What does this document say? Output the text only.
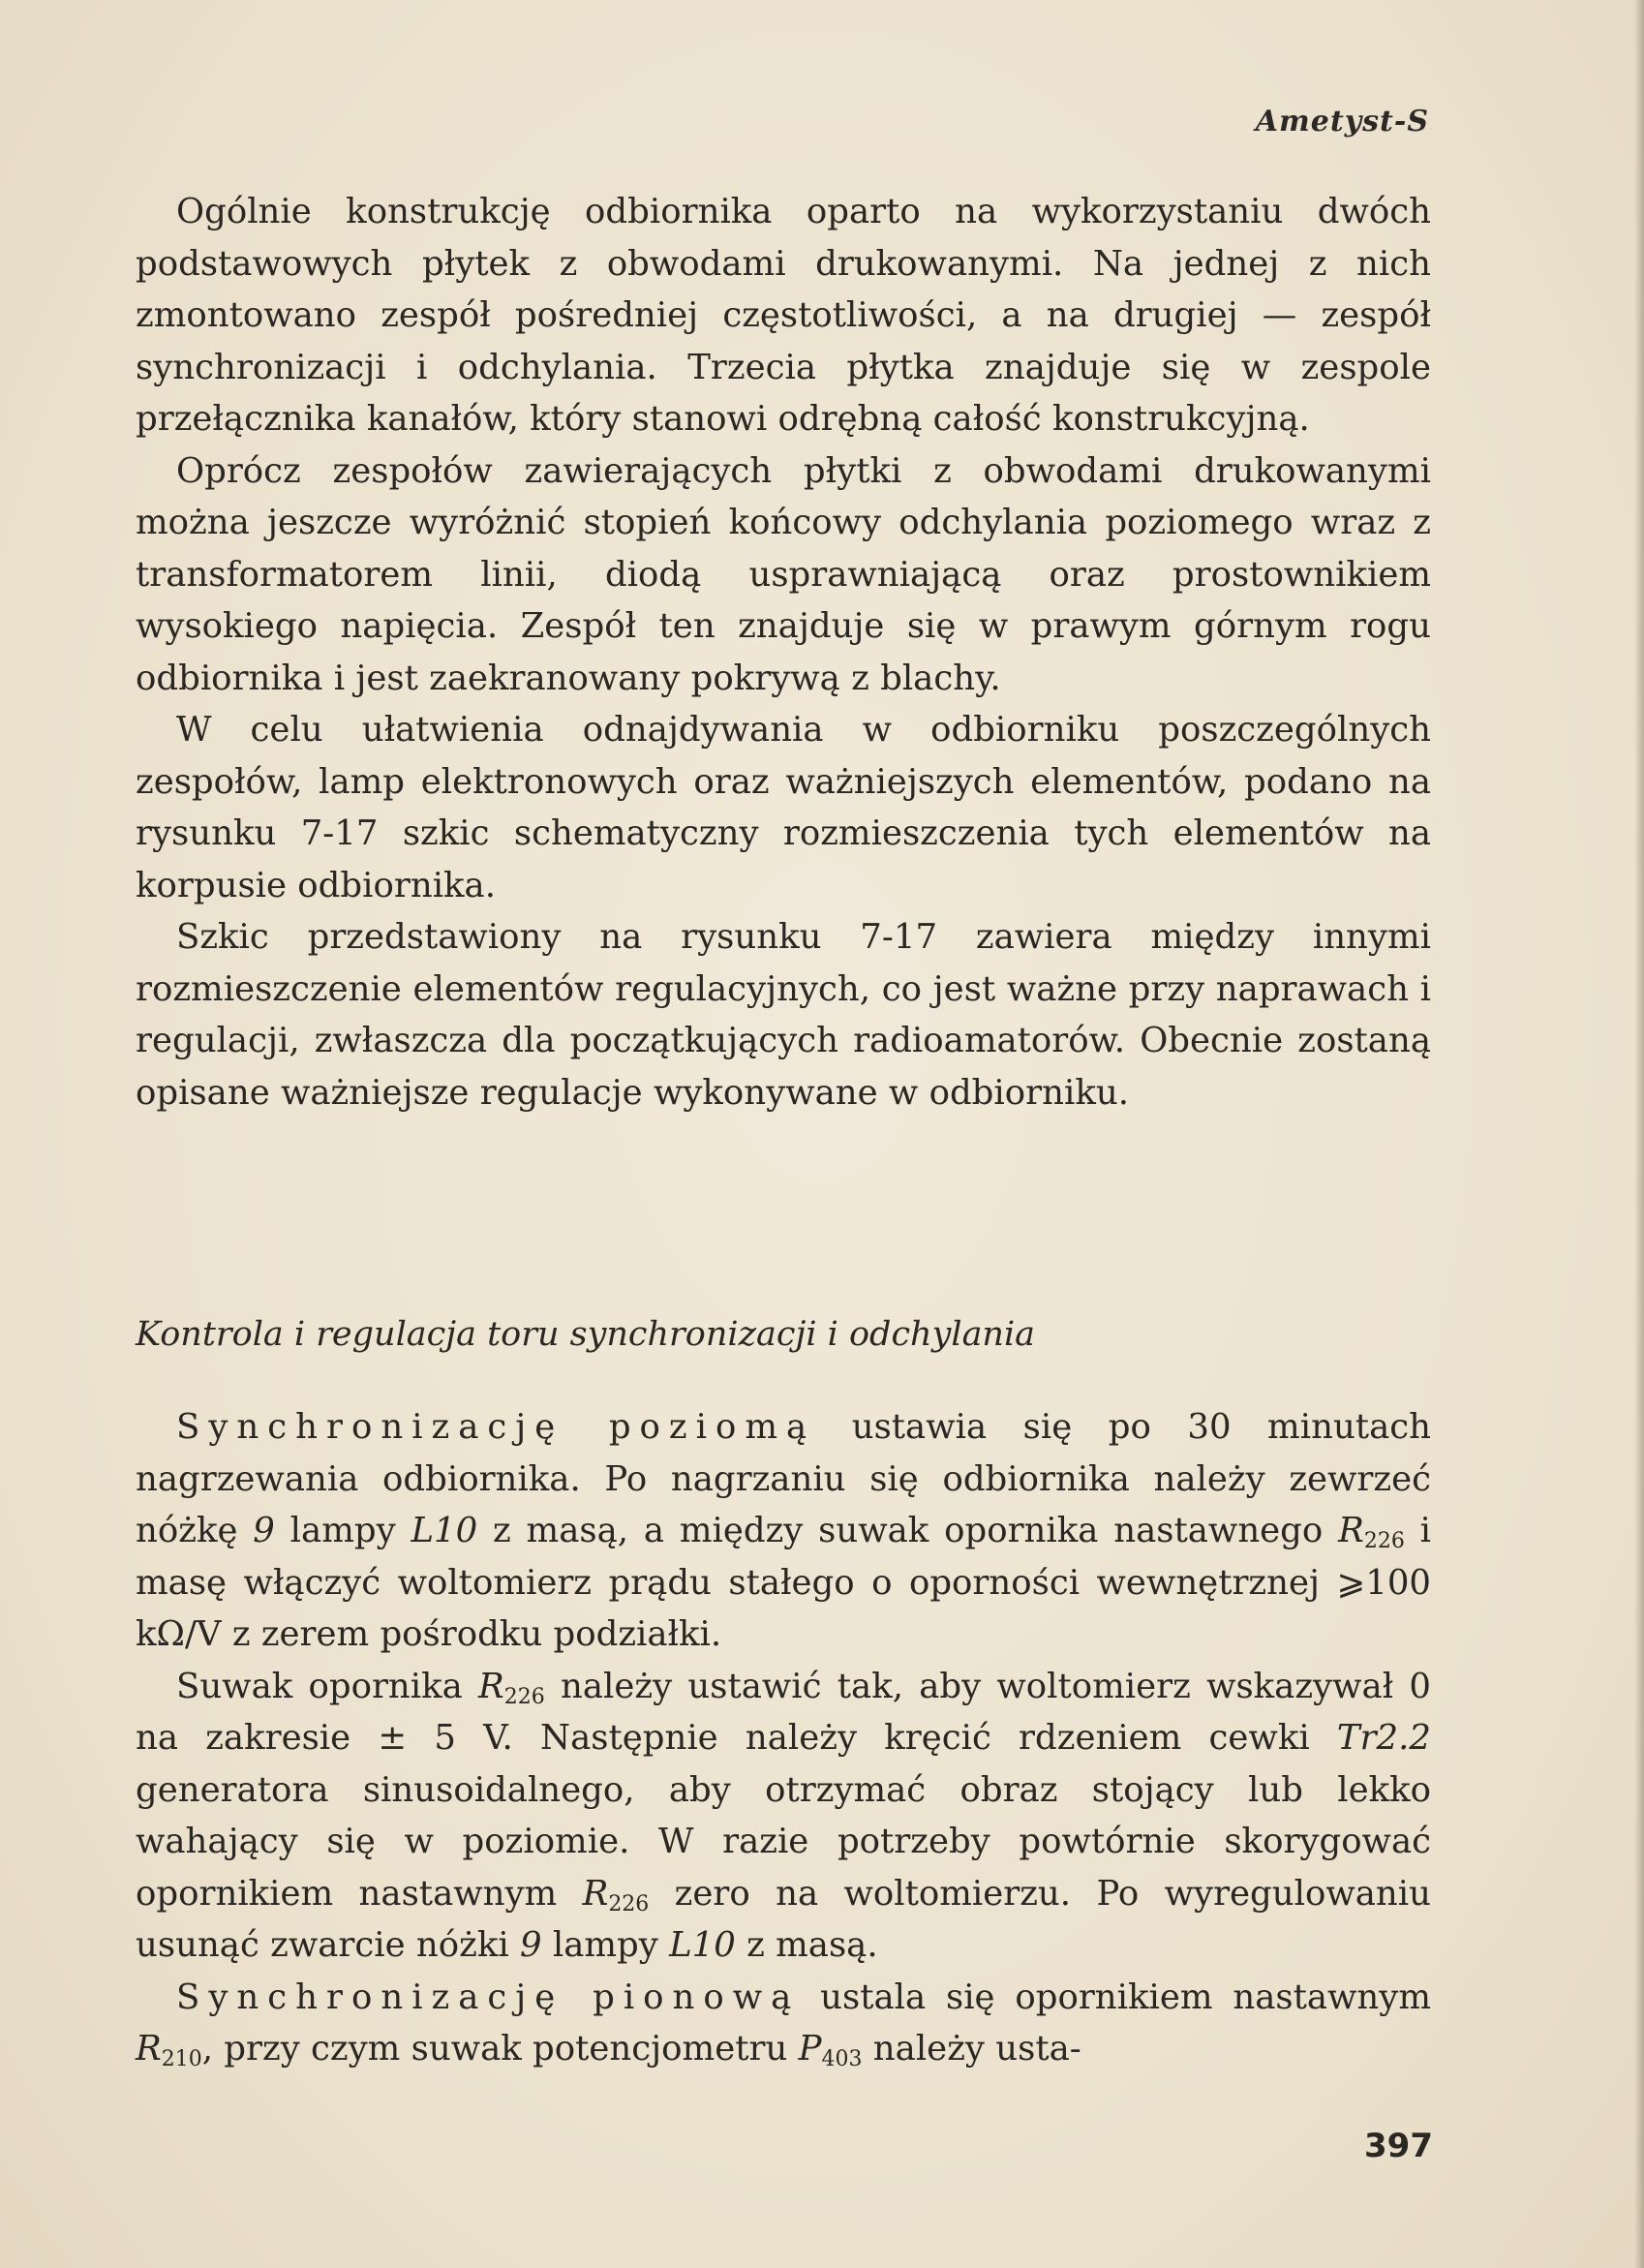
Ametyst-S

Ogólnie konstrukcję odbiornika oparto na wykorzystaniu dwóch podstawowych płytek z obwodami drukowanymi. Na jednej z nich zmontowano zespół pośredniej częstotliwości, a na drugiej — zespół synchronizacji i odchylania. Trzecia płytka znajduje się w zespole przełącznika kanałów, który stanowi odrębną całość konstrukcyjną.

Oprócz zespołów zawierających płytki z obwodami drukowanymi można jeszcze wyróżnić stopień końcowy odchylania poziomego wraz z transformatorem linii, diodą usprawniającą oraz prostownikiem wysokiego napięcia. Zespół ten znajduje się w prawym górnym rogu odbiornika i jest zaekranowany pokrywą z blachy.

W celu ułatwienia odnajdywania w odbiorniku poszczególnych zespołów, lamp elektronowych oraz ważniejszych elementów, podano na rysunku 7-17 szkic schematyczny rozmieszczenia tych elementów na korpusie odbiornika.

Szkic przedstawiony na rysunku 7-17 zawiera między innymi rozmieszczenie elementów regulacyjnych, co jest ważne przy naprawach i regulacji, zwłaszcza dla początkujących radioamatorów. Obecnie zostaną opisane ważniejsze regulacje wykonywane w odbiorniku.

Kontrola i regulacja toru synchronizacji i odchylania

Synchronizację poziomą ustawia się po 30 minutach nagrzewania odbiornika. Po nagrzaniu się odbiornika należy zewrzeć nóżkę 9 lampy L10 z masą, a między suwak opornika nastawnego $R_{226}$ i masę włączyć woltomierz prądu stałego o oporności wewnętrznej ⩾100 kΩ/V z zerem pośrodku podziałki.

Suwak opornika $R_{226}$ należy ustawić tak, aby woltomierz wskazywał 0 na zakresie ± 5 V. Następnie należy kręcić rdzeniem cewki Tr2.2 generatora sinusoidalnego, aby otrzymać obraz stojący lub lekko wahający się w poziomie. W razie potrzeby powtórnie skorygować opornikiem nastawnym $R_{226}$ zero na woltomierzu. Po wyregulowaniu usunąć zwarcie nóżki 9 lampy L10 z masą.

Synchronizację pionową ustala się opornikiem nastawnym $R_{210}$, przy czym suwak potencjometru $P_{403}$ należy usta-

397
